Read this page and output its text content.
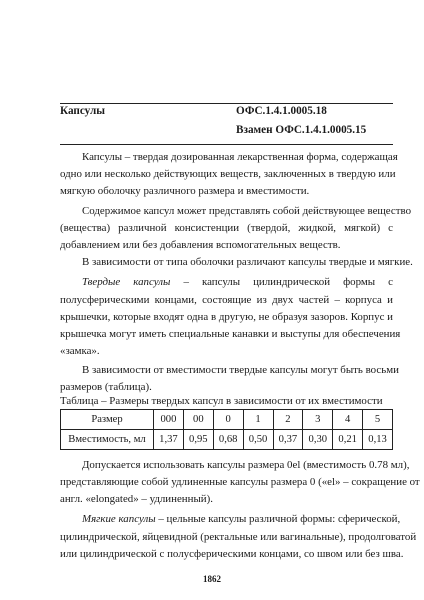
Капсулы	ОФС.1.4.1.0005.18
Взамен ОФС.1.4.1.0005.15
Капсулы – твердая дозированная лекарственная форма, содержащая
одно или несколько действующих веществ, заключенных в твердую или
мягкую оболочку различного размера и вместимости.
Содержимое капсул может представлять собой действующее вещество
(вещества) различной консистенции (твердой, жидкой, мягкой) с
добавлением или без добавления вспомогательных веществ.
В зависимости от типа оболочки различают капсулы твердые и мягкие.
Твердые капсулы – капсулы цилиндрической формы с
полусферическими концами, состоящие из двух частей – корпуса и
крышечки, которые входят одна в другую, не образуя зазоров. Корпус и
крышечка могут иметь специальные канавки и выступы для обеспечения
«замка».
В зависимости от вместимости твердые капсулы могут быть восьми
размеров (таблица).
Таблица – Размеры твердых капсул в зависимости от их вместимости
Размер	000	00	0	1	2	3	4	5
Вместимость, мл	1,37	0,95	0,68	0,50	0,37	0,30	0,21	0,13
Допускается использовать капсулы размера 0el (вместимость 0.78 мл),
представляющие собой удлиненные капсулы размера 0 («el» – сокращение от
англ. «elongated» – удлиненный).
Мягкие капсулы – цельные капсулы различной формы: сферической,
цилиндрической, яйцевидной (ректальные или вагинальные), продолговатой
или цилиндрической с полусферическими концами, со швом или без шва.
1862
